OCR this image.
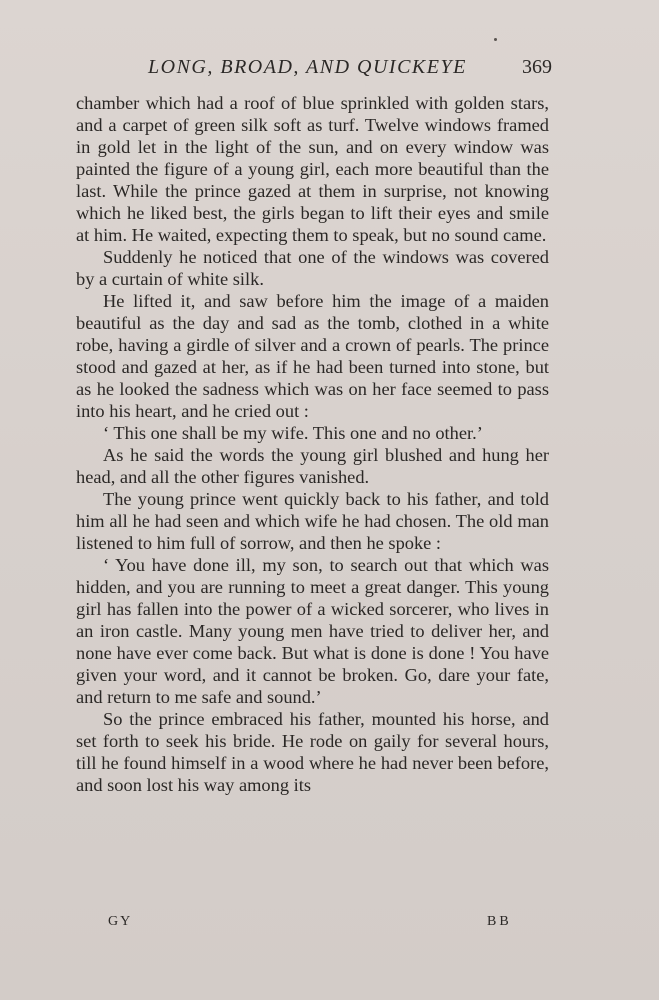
LONG, BROAD, AND QUICKEYE	369

chamber which had a roof of blue sprinkled with golden stars, and a carpet of green silk soft as turf. Twelve windows framed in gold let in the light of the sun, and on every window was painted the figure of a young girl, each more beautiful than the last. While the prince gazed at them in surprise, not knowing which he liked best, the girls began to lift their eyes and smile at him. He waited, expecting them to speak, but no sound came.

Suddenly he noticed that one of the windows was covered by a curtain of white silk.

He lifted it, and saw before him the image of a maiden beautiful as the day and sad as the tomb, clothed in a white robe, having a girdle of silver and a crown of pearls. The prince stood and gazed at her, as if he had been turned into stone, but as he looked the sadness which was on her face seemed to pass into his heart, and he cried out :

‘ This one shall be my wife. This one and no other.’

As he said the words the young girl blushed and hung her head, and all the other figures vanished.

The young prince went quickly back to his father, and told him all he had seen and which wife he had chosen. The old man listened to him full of sorrow, and then he spoke :

‘ You have done ill, my son, to search out that which was hidden, and you are running to meet a great danger. This young girl has fallen into the power of a wicked sorcerer, who lives in an iron castle. Many young men have tried to deliver her, and none have ever come back. But what is done is done ! You have given your word, and it cannot be broken. Go, dare your fate, and return to me safe and sound.’

So the prince embraced his father, mounted his horse, and set forth to seek his bride. He rode on gaily for several hours, till he found himself in a wood where he had never been before, and soon lost his way among its

GY	BB
